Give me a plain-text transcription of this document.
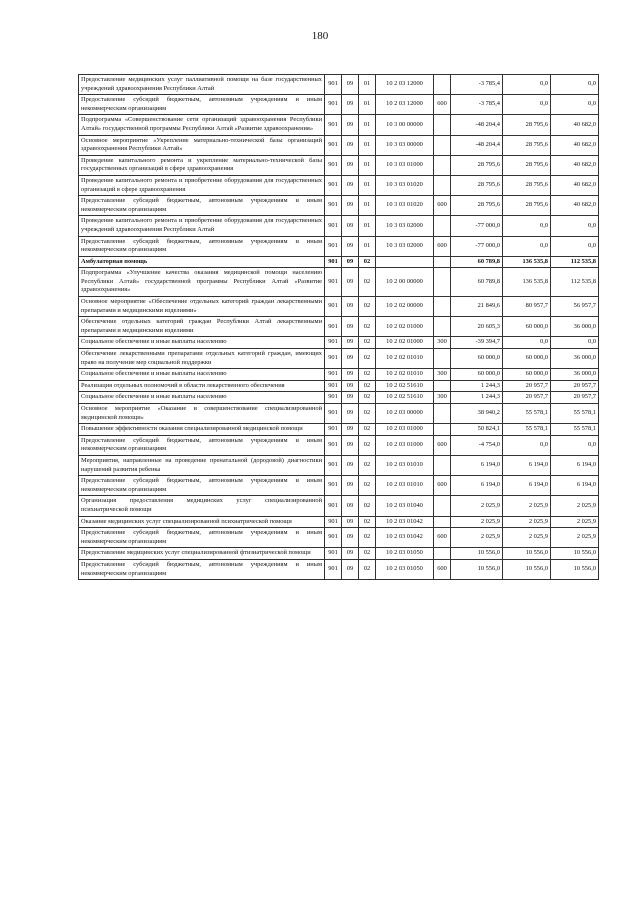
180
Предоставление медицинских услуг паллиативной помощи на базе государственных учреждений здравоохранения Республики Алтай	901	09	01	10 2 03 12000		-3 785,4	0,0	0,0
Предоставление субсидий бюджетным, автономным учреждениям и иным некоммерческим организациям	901	09	01	10 2 03 12000	600	-3 785,4	0,0	0,0
Подпрограмма «Совершенствование сети организаций здравоохранения Республики Алтай» государственной программы Республики Алтай «Развитие здравоохранения»	901	09	01	10 3 00 00000		-48 204,4	28 795,6	40 682,0
Основное мероприятие «Укрепление материально-технической базы организаций здравоохранения Республики Алтай»	901	09	01	10 3 03 00000		-48 204,4	28 795,6	40 682,0
Проведение капитального ремонта и укрепление материально-технической базы государственных организаций в сфере здравоохранения	901	09	01	10 3 03 01000		28 795,6	28 795,6	40 682,0
Проведение капитального ремонта и приобретение оборудования для государственных организаций в сфере здравоохранения	901	09	01	10 3 03 01020		28 795,6	28 795,6	40 682,0
Предоставление субсидий бюджетным, автономным учреждениям и иным некоммерческим организациям	901	09	01	10 3 03 01020	600	28 795,6	28 795,6	40 682,0
Проведение капитального ремонта и приобретение оборудования для государственных учреждений здравоохранения Республики Алтай	901	09	01	10 3 03 02000		-77 000,0	0,0	0,0
Предоставление субсидий бюджетным, автономным учреждениям и иным некоммерческим организациям	901	09	01	10 3 03 02000	600	-77 000,0	0,0	0,0
Амбулаторная помощь	901	09	02			60 789,8	136 535,8	112 535,8
Подпрограмма «Улучшение качества оказания медицинской помощи населению Республики Алтай» государственной программы Республики Алтай «Развитие здравоохранения»	901	09	02	10 2 00 00000		60 789,8	136 535,8	112 535,8
Основное мероприятие «Обеспечение отдельных категорий граждан лекарственными препаратами и медицинскими изделиями»	901	09	02	10 2 02 00000		21 849,6	80 957,7	56 957,7
Обеспечение отдельных категорий граждан Республики Алтай лекарственными препаратами и медицинскими изделиями	901	09	02	10 2 02 01000		20 605,3	60 000,0	36 000,0
Социальное обеспечение и иные выплаты населению	901	09	02	10 2 02 01000	300	-39 394,7	0,0	0,0
Обеспечение лекарственными препаратами отдельных категорий граждан, имеющих право на получение мер социальной поддержки	901	09	02	10 2 02 01010		60 000,0	60 000,0	36 000,0
Социальное обеспечение и иные выплаты населению	901	09	02	10 2 02 01010	300	60 000,0	60 000,0	36 000,0
Реализация отдельных полномочий в области лекарственного обеспечения	901	09	02	10 2 02 51610		1 244,3	20 957,7	20 957,7
Социальное обеспечение и иные выплаты населению	901	09	02	10 2 02 51610	300	1 244,3	20 957,7	20 957,7
Основное мероприятие «Оказание и совершенствование специализированной медицинской помощи»	901	09	02	10 2 03 00000		38 940,2	55 578,1	55 578,1
Повышение эффективности оказания специализированной медицинской помощи	901	09	02	10 2 03 01000		50 824,1	55 578,1	55 578,1
Предоставление субсидий бюджетным, автономным учреждениям и иным некоммерческим организациям	901	09	02	10 2 03 01000	600	-4 754,0	0,0	0,0
Мероприятия, направленные на проведение пренатальной (дородовой) диагностики нарушений развития ребенка	901	09	02	10 2 03 01010		6 194,0	6 194,0	6 194,0
Предоставление субсидий бюджетным, автономным учреждениям и иным некоммерческим организациям	901	09	02	10 2 03 01010	600	6 194,0	6 194,0	6 194,0
Организация предоставления медицинских услуг специализированной психиатрической помощи	901	09	02	10 2 03 01040		2 025,9	2 025,9	2 025,9
Оказание медицинских услуг специализированной психиатрической помощи	901	09	02	10 2 03 01042		2 025,9	2 025,9	2 025,9
Предоставление субсидий бюджетным, автономным учреждениям и иным некоммерческим организациям	901	09	02	10 2 03 01042	600	2 025,9	2 025,9	2 025,9
Предоставление медицинских услуг специализированной фтизиатрической помощи	901	09	02	10 2 03 01050		10 556,0	10 556,0	10 556,0
Предоставление субсидий бюджетным, автономным учреждениям и иным некоммерческим организациям	901	09	02	10 2 03 01050	600	10 556,0	10 556,0	10 556,0
